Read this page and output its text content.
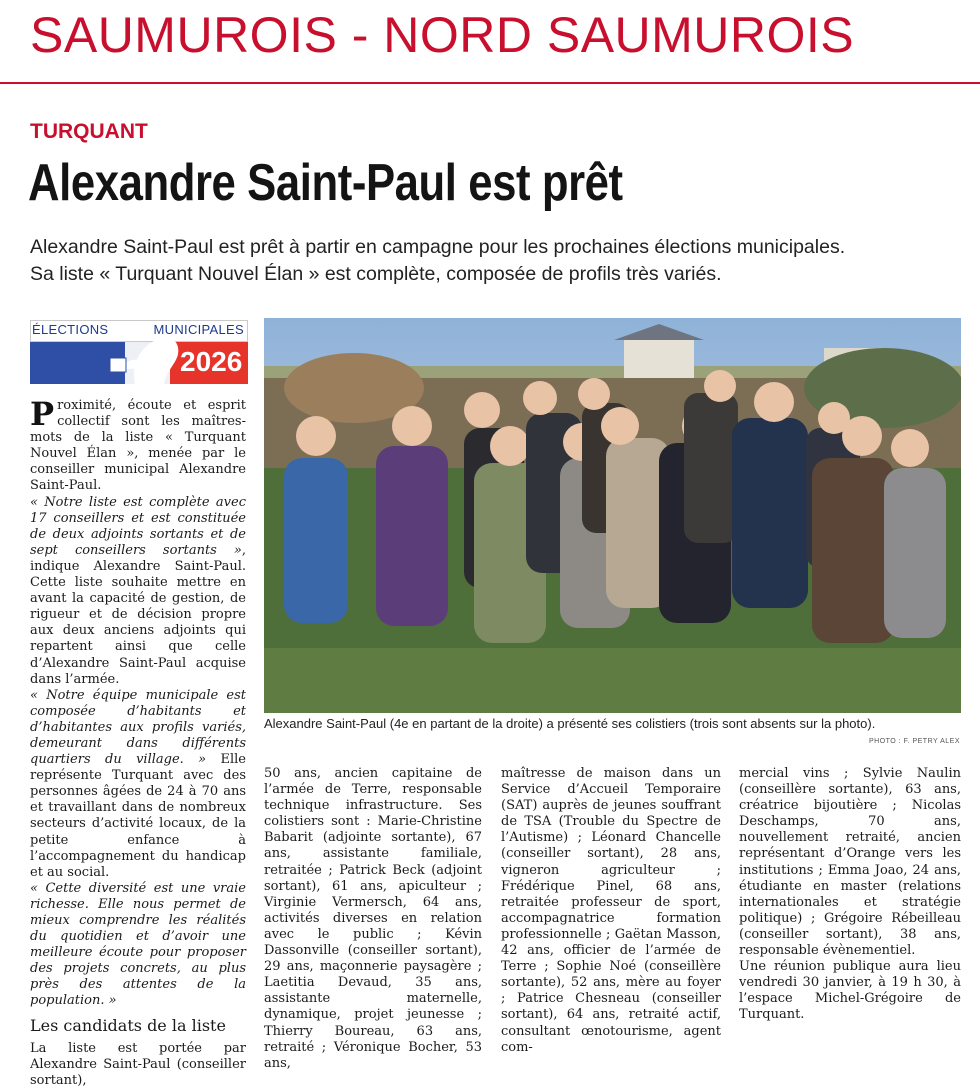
SAUMUROIS - NORD SAUMUROIS
TURQUANT
Alexandre Saint-Paul est prêt
Alexandre Saint-Paul est prêt à partir en campagne pour les prochaines élections municipales.
Sa liste « Turquant Nouvel Élan » est complète, composée de profils très variés.
ÉLECTIONS	MUNICIPALES
2026

Proximité, écoute et esprit collectif sont les maîtres-mots de la liste « Turquant Nouvel Élan », menée par le conseiller municipal Alexandre Saint-Paul.

« Notre liste est complète avec 17 conseillers et est constituée de deux adjoints sortants et de sept conseillers sortants », indique Alexandre Saint-Paul. Cette liste souhaite mettre en avant la capacité de gestion, de rigueur et de décision propre aux deux anciens adjoints qui repartent ainsi que celle d’Alexandre Saint-Paul acquise dans l’armée.

« Notre équipe municipale est composée d’habitants et d’habitantes aux profils variés, demeurant dans différents quartiers du village. » Elle représente Turquant avec des personnes âgées de 24 à 70 ans et travaillant dans de nombreux secteurs d’activité locaux, de la petite enfance à l’accompagnement du handicap et au social.

« Cette diversité est une vraie richesse. Elle nous permet de mieux comprendre les réalités du quotidien et d’avoir une meilleure écoute pour proposer des projets concrets, au plus près des attentes de la population. »

Les candidats de la liste

La liste est portée par Alexandre Saint-Paul (conseiller sortant),

Alexandre Saint-Paul (4e en partant de la droite) a présenté ses colistiers (trois sont absents sur la photo).
PHOTO : F. PETRY ALEX

50 ans, ancien capitaine de l’armée de Terre, responsable technique infrastructure. Ses colistiers sont : Marie-Christine Babarit (adjointe sortante), 67 ans, assistante familiale, retraitée ; Patrick Beck (adjoint sortant), 61 ans, apiculteur ; Virginie Vermersch, 64 ans, activités diverses en relation avec le public ; Kévin Dassonville (conseiller sortant), 29 ans, maçonnerie paysagère ; Laetitia Devaud, 35 ans, assistante maternelle, dynamique, projet jeunesse ; Thierry Boureau, 63 ans, retraité ; Véronique Bocher, 53 ans,

maîtresse de maison dans un Service d’Accueil Temporaire (SAT) auprès de jeunes souffrant de TSA (Trouble du Spectre de l’Autisme) ; Léonard Chancelle (conseiller sortant), 28 ans, vigneron agriculteur ; Frédérique Pinel, 68 ans, retraitée professeur de sport, accompagnatrice formation professionnelle ; Gaëtan Masson, 42 ans, officier de l’armée de Terre ; Sophie Noé (conseillère sortante), 52 ans, mère au foyer ; Patrice Chesneau (conseiller sortant), 64 ans, retraité actif, consultant œnotourisme, agent com-

mercial vins ; Sylvie Naulin (conseillère sortante), 63 ans, créatrice bijoutière ; Nicolas Deschamps, 70 ans, nouvellement retraité, ancien représentant d’Orange vers les institutions ; Emma Joao, 24 ans, étudiante en master (relations internationales et stratégie politique) ; Grégoire Rébeilleau (conseiller sortant), 38 ans, responsable évènementiel.

Une réunion publique aura lieu vendredi 30 janvier, à 19 h 30, à l’espace Michel-Grégoire de Turquant.
